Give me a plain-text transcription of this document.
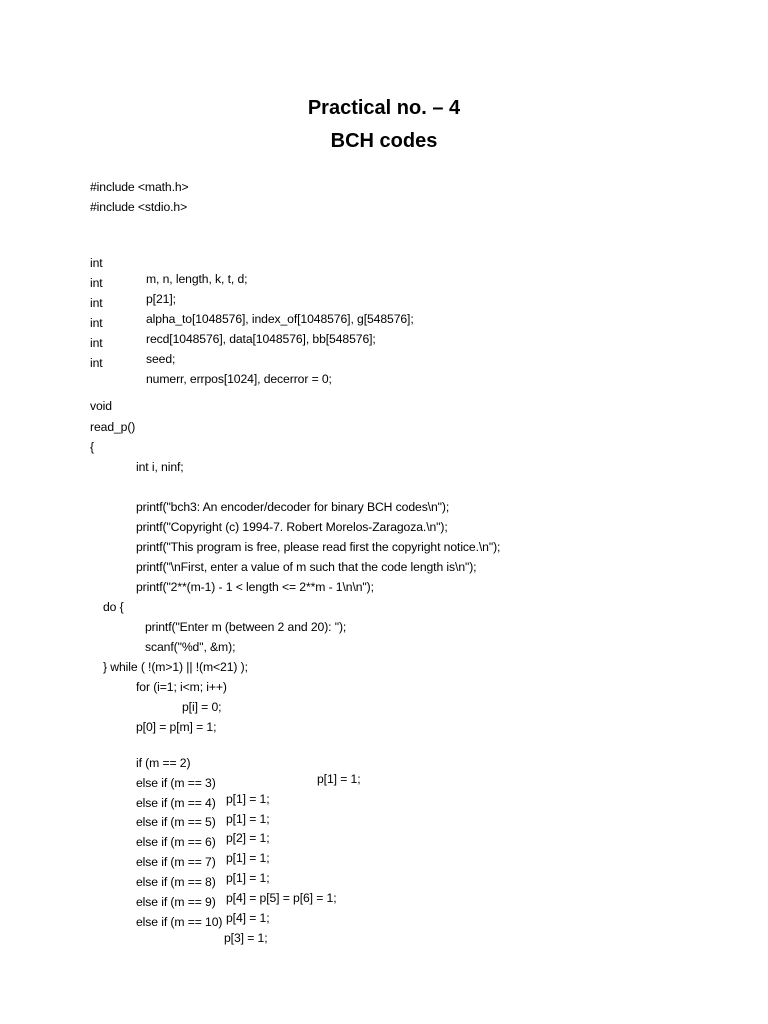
Practical no. – 4
BCH codes
#include <math.h>
#include <stdio.h>

int

m, n, length, k, t, d;

int

p[21];

int

alpha_to[1048576], index_of[1048576], g[548576];

int

recd[1048576], data[1048576], bb[548576];

int

seed;

int

numerr, errpos[1024], decerror = 0;

void
read_p()
{
int i, ninf;
printf("bch3: An encoder/decoder for binary BCH codes\n");
printf("Copyright (c) 1994-7. Robert Morelos-Zaragoza.\n");
printf("This program is free, please read first the copyright notice.\n");
printf("\nFirst, enter a value of m such that the code length is\n");
printf("2**(m-1) - 1 < length <= 2**m - 1\n\n");
do {
printf("Enter m (between 2 and 20): ");
scanf("%d", &m);
} while ( !(m>1) || !(m<21) );
for (i=1; i<m; i++)
p[i] = 0;
p[0] = p[m] = 1;

if (m == 2)

p[1] = 1;

else if (m == 3)

p[1] = 1;

else if (m == 4)

p[1] = 1;

else if (m == 5)

p[2] = 1;

else if (m == 6)

p[1] = 1;

else if (m == 7)

p[1] = 1;

else if (m == 8)

p[4] = p[5] = p[6] = 1;

else if (m == 9)

p[4] = 1;

else if (m == 10)

p[3] = 1;
